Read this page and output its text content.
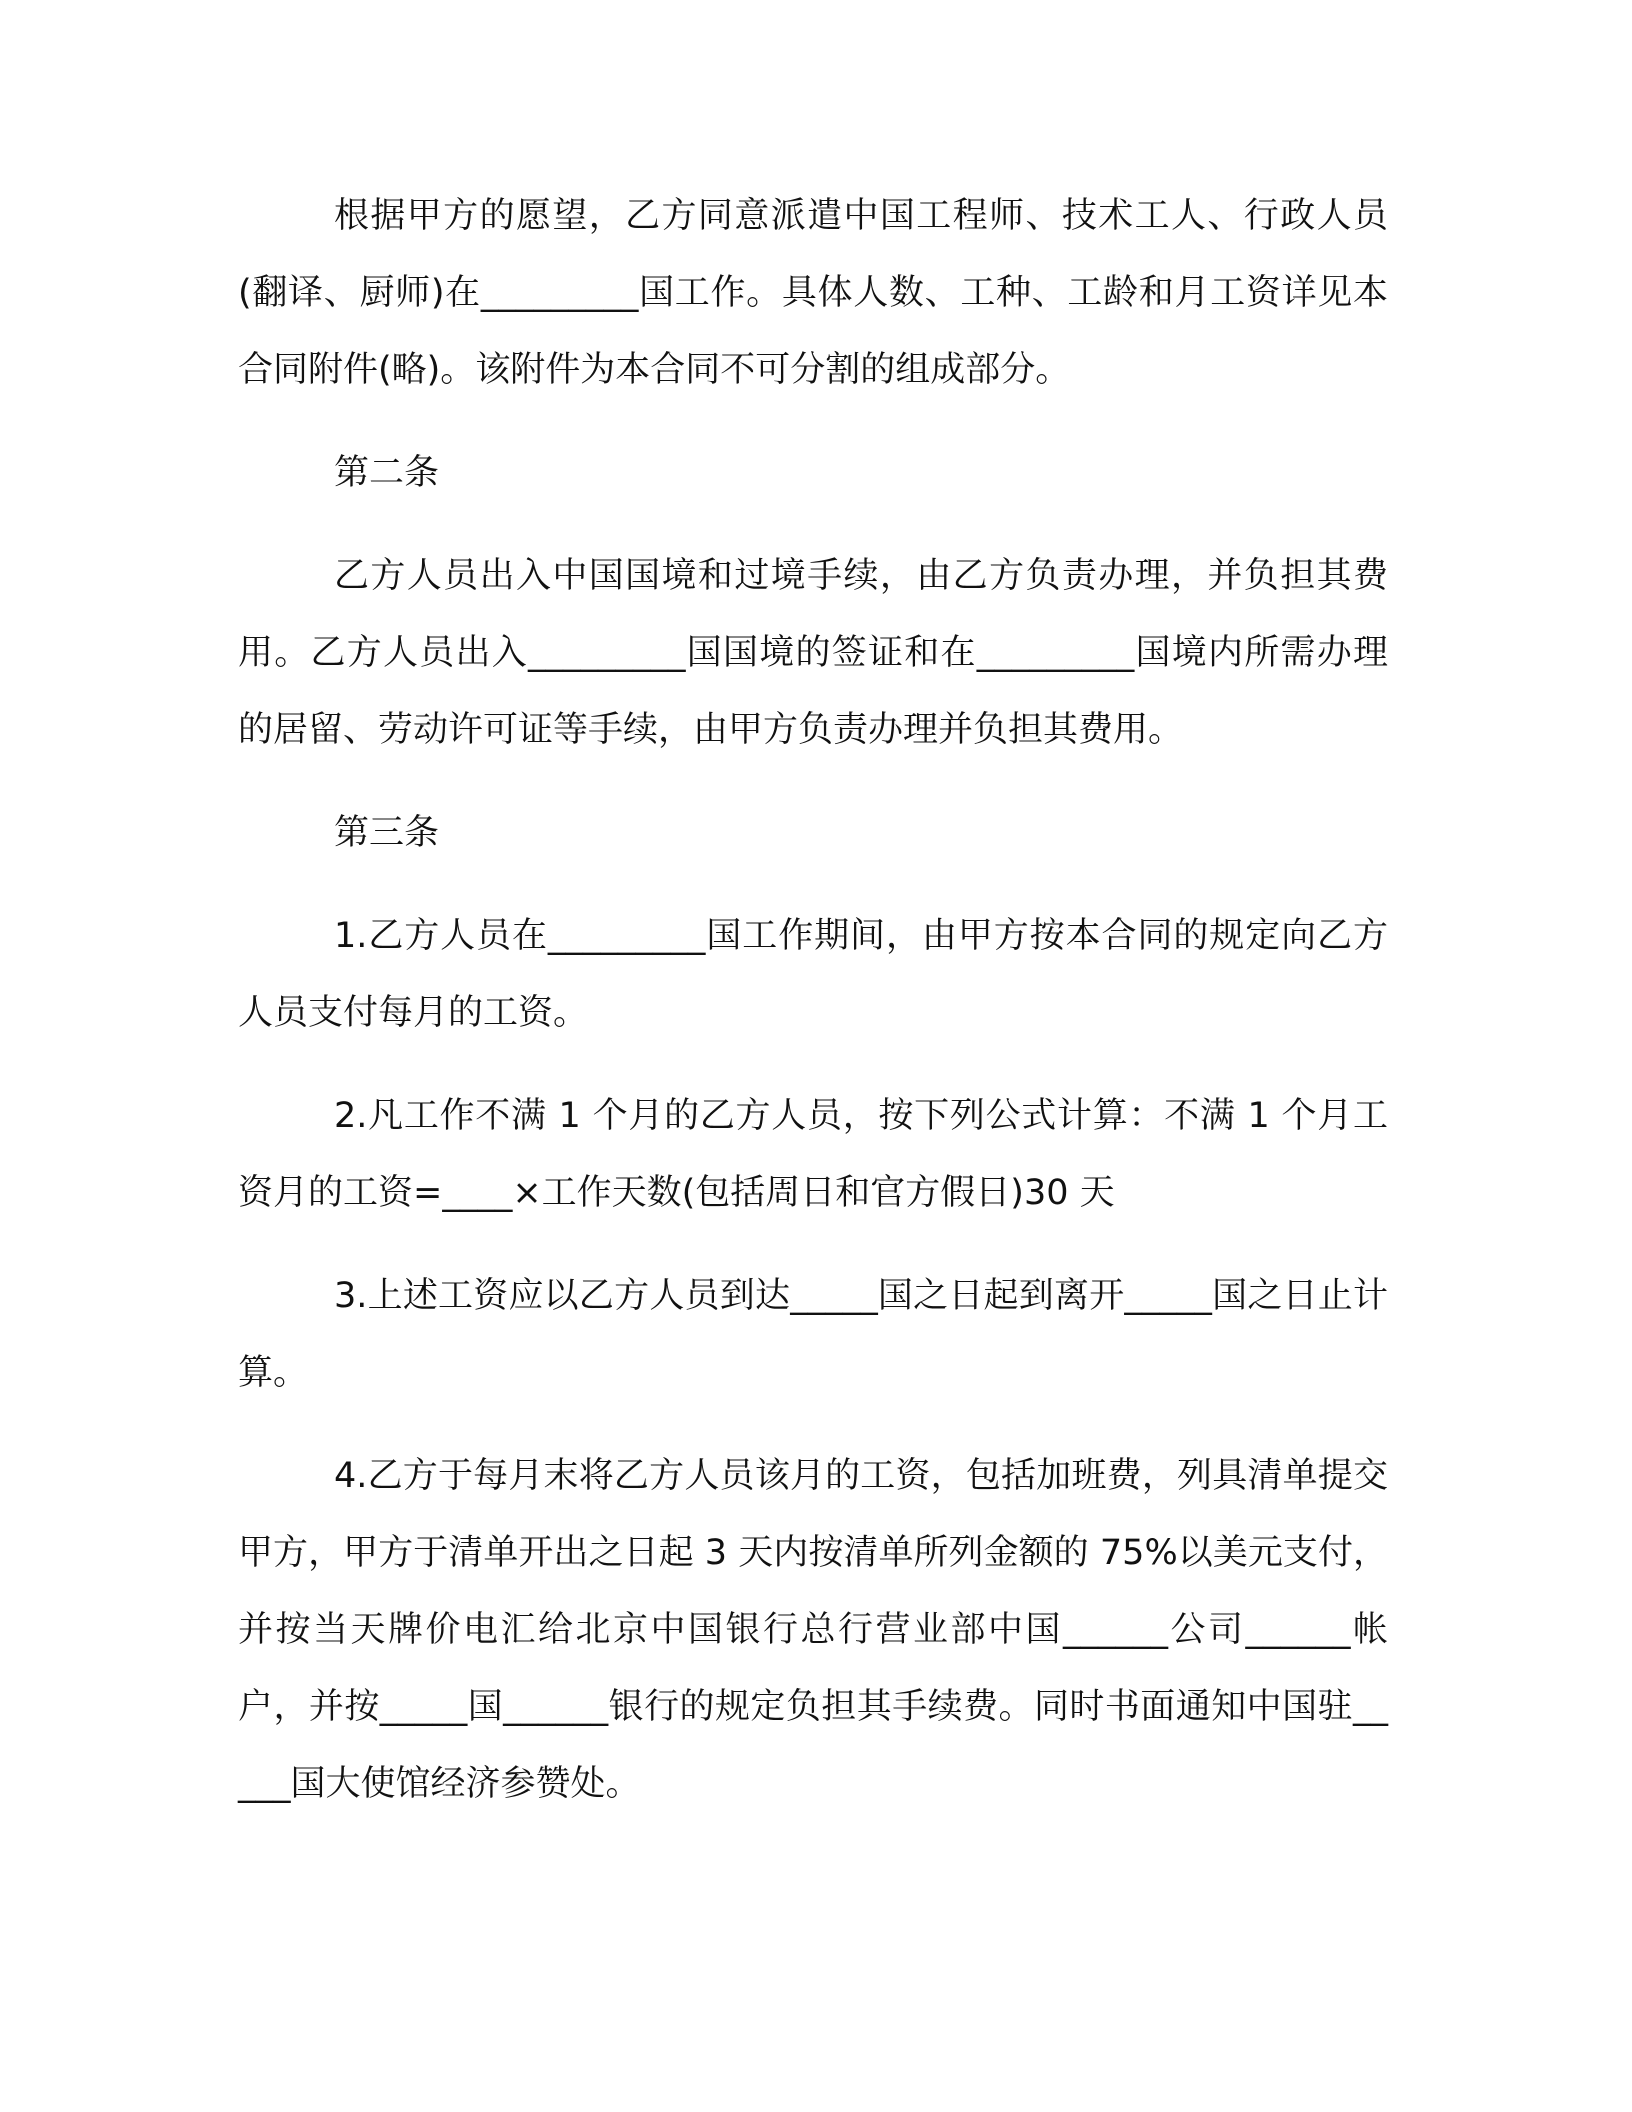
根据甲方的愿望，乙方同意派遣中国工程师、技术工人、行政人员(翻译、厨师)在_________国工作。具体人数、工种、工龄和月工资详见本合同附件(略)。该附件为本合同不可分割的组成部分。

第二条

乙方人员出入中国国境和过境手续，由乙方负责办理，并负担其费用。乙方人员出入_________国国境的签证和在_________国境内所需办理的居留、劳动许可证等手续，由甲方负责办理并负担其费用。

第三条

1.乙方人员在_________国工作期间，由甲方按本合同的规定向乙方人员支付每月的工资。

2.凡工作不满 1 个月的乙方人员，按下列公式计算：不满 1 个月工资月的工资=____×工作天数(包括周日和官方假日)30 天

3.上述工资应以乙方人员到达_____国之日起到离开_____国之日止计算。

4.乙方于每月末将乙方人员该月的工资，包括加班费，列具清单提交甲方，甲方于清单开出之日起 3 天内按清单所列金额的 75%以美元支付，并按当天牌价电汇给北京中国银行总行营业部中国______公司______帐户，并按_____国______银行的规定负担其手续费。同时书面通知中国驻_____国大使馆经济参赞处。
